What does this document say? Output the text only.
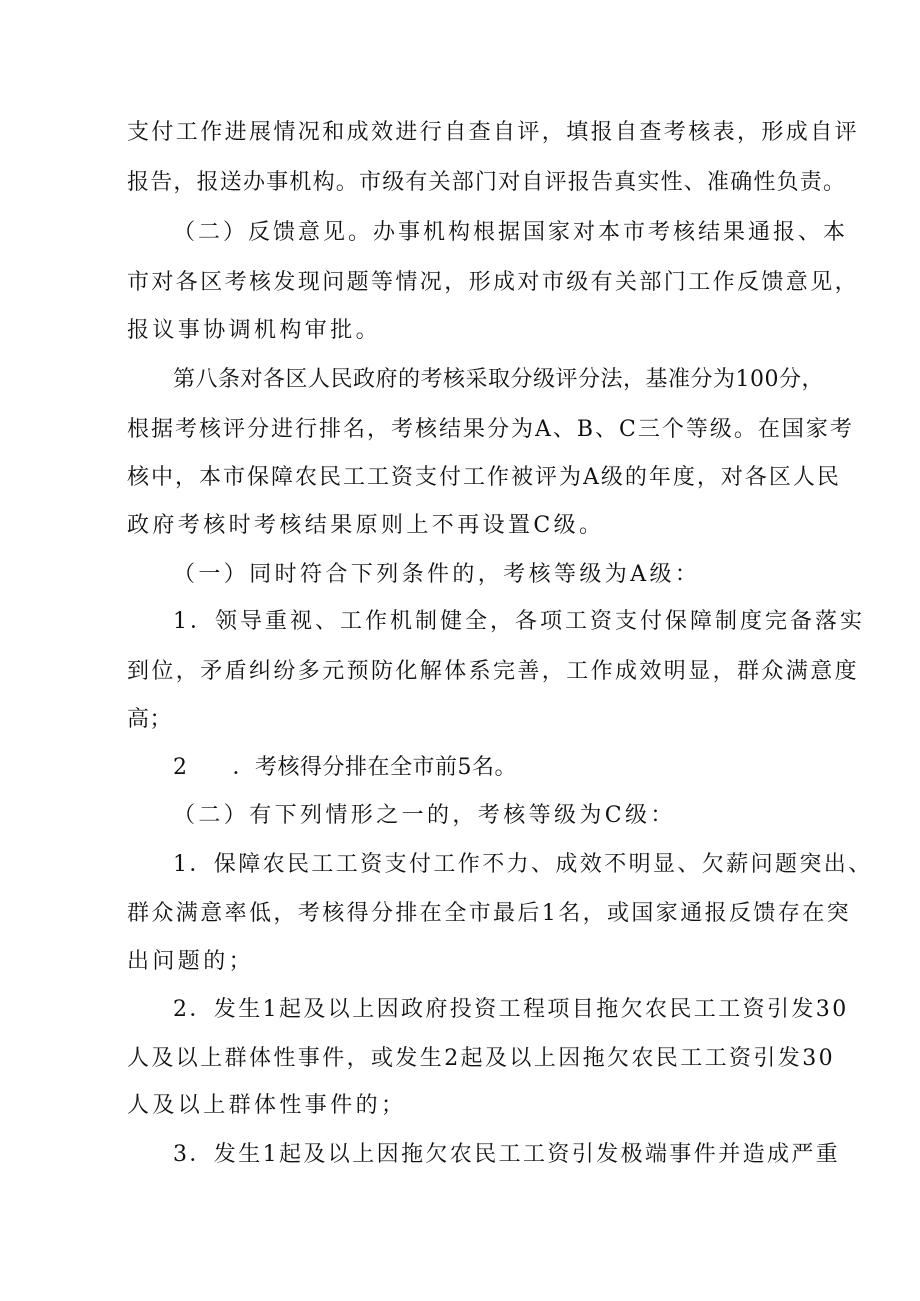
支付工作进展情况和成效进行自查自评，填报自查考核表，形成自评
报告，报送办事机构。市级有关部门对自评报告真实性、准确性负责。
（二）反馈意见。办事机构根据国家对本市考核结果通报、本
市对各区考核发现问题等情况，形成对市级有关部门工作反馈意见，
报议事协调机构审批。
第八条对各区人民政府的考核采取分级评分法，基准分为100分，
根据考核评分进行排名，考核结果分为A、B、C三个等级。在国家考
核中，本市保障农民工工资支付工作被评为A级的年度，对各区人民
政府考核时考核结果原则上不再设置C级。
（一）同时符合下列条件的，考核等级为A级：
1．领导重视、工作机制健全，各项工资支付保障制度完备落实
到位，矛盾纠纷多元预防化解体系完善，工作成效明显，群众满意度
高；
2　　．考核得分排在全市前5名。
（二）有下列情形之一的，考核等级为C级：
1．保障农民工工资支付工作不力、成效不明显、欠薪问题突出、
群众满意率低，考核得分排在全市最后1名，或国家通报反馈存在突
出问题的；
2．发生1起及以上因政府投资工程项目拖欠农民工工资引发30
人及以上群体性事件，或发生2起及以上因拖欠农民工工资引发30
人及以上群体性事件的；
3．发生1起及以上因拖欠农民工工资引发极端事件并造成严重
